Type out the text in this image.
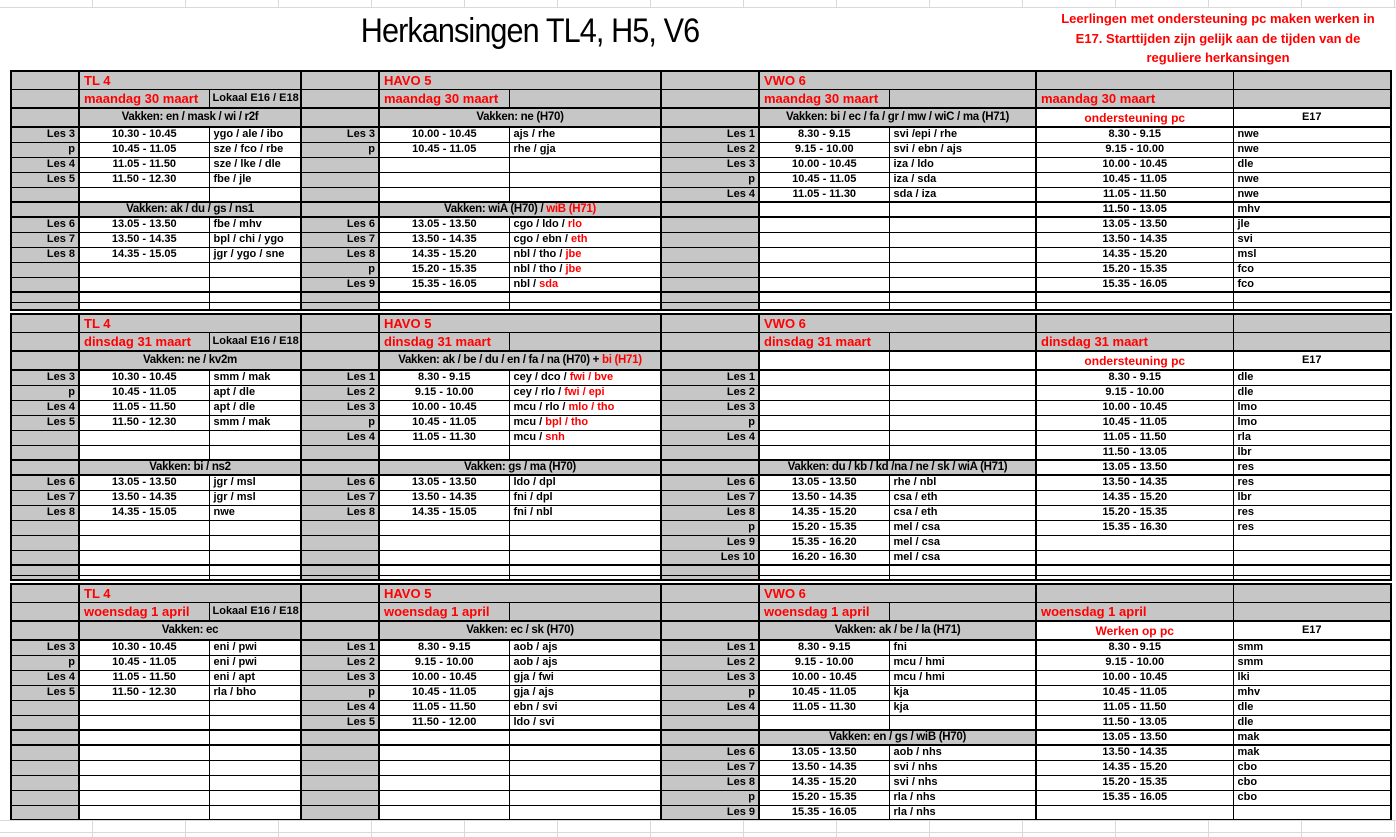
Herkansingen TL4, H5, V6	Leerlingen met ondersteuning pc maken werken in
E17. Starttijden zijn gelijk aan de tijden van de
reguliere herkansingen
	TL 4			HAVO 5			VWO 6			
	maandag 30 maart	Lokaal E16 / E18		maandag 30 maart			maandag 30 maart		maandag 30 maart	
	Vakken: en / mask / wi / r2f			Vakken: ne (H70)			Vakken: bi / ec / fa / gr / mw / wiC / ma (H71)		ondersteuning pc	E17
Les 3	10.30 - 10.45	ygo / ale / ibo	Les 3	10.00 - 10.45	ajs / rhe	Les 1	8.30 - 9.15	svi /epi / rhe	8.30 - 9.15	nwe
p	10.45 - 11.05	sze / fco / rbe	p	10.45 - 11.05	rhe / gja	Les 2	9.15 - 10.00	svi / ebn / ajs	9.15 - 10.00	nwe
Les 4	11.05 - 11.50	sze / lke / dle				Les 3	10.00 - 10.45	iza / ldo	10.00 - 10.45	dle
Les 5	11.50 - 12.30	fbe / jle				p	10.45 - 11.05	iza / sda	10.45 - 11.05	nwe
						Les 4	11.05 - 11.30	sda / iza	11.05 - 11.50	nwe
	Vakken: ak / du / gs / ns1			Vakken: wiA (H70) / wiB (H71)					11.50 - 13.05	mhv
Les 6	13.05 - 13.50	fbe / mhv	Les 6	13.05 - 13.50	cgo / ldo / rlo				13.05 - 13.50	jle
Les 7	13.50 - 14.35	bpl / chi / ygo	Les 7	13.50 - 14.35	cgo / ebn / eth				13.50 - 14.35	svi
Les 8	14.35 - 15.05	jgr / ygo / sne	Les 8	14.35 - 15.20	nbl / tho / jbe				14.35 - 15.20	msl
			p	15.20 - 15.35	nbl / tho / jbe				15.20 - 15.35	fco
			Les 9	15.35 - 16.05	nbl / sda				15.35 - 16.05	fco

	TL 4			HAVO 5			VWO 6			
	dinsdag 31 maart	Lokaal E16 / E18		dinsdag 31 maart			dinsdag 31 maart		dinsdag 31 maart	
	Vakken: ne / kv2m			Vakken: ak / be / du / en / fa / na (H70) + bi (H71)					ondersteuning pc	E17
Les 3	10.30 - 10.45	smm / mak	Les 1	8.30 - 9.15	cey / dco / fwi / bve	Les 1			8.30 - 9.15	dle
p	10.45 - 11.05	apt / dle	Les 2	9.15 - 10.00	cey / rlo / fwi / epi	Les 2			9.15 - 10.00	dle
Les 4	11.05 - 11.50	apt / dle	Les 3	10.00 - 10.45	mcu / rlo / mlo / tho	Les 3			10.00 - 10.45	lmo
Les 5	11.50 - 12.30	smm / mak	p	10.45 - 11.05	mcu / bpl / tho	p			10.45 - 11.05	lmo
			Les 4	11.05 - 11.30	mcu / snh	Les 4			11.05 - 11.50	rla
									11.50 - 13.05	lbr
	Vakken: bi / ns2			Vakken: gs / ma (H70)			Vakken: du / kb / kd /na / ne / sk / wiA (H71)		13.05 - 13.50	res
Les 6	13.05 - 13.50	jgr / msl	Les 6	13.05 - 13.50	ldo / dpl	Les 6	13.05 - 13.50	rhe / nbl	13.50 - 14.35	res
Les 7	13.50 - 14.35	jgr / msl	Les 7	13.50 - 14.35	fni / dpl	Les 7	13.50 - 14.35	csa / eth	14.35 - 15.20	lbr
Les 8	14.35 - 15.05	nwe	Les 8	14.35 - 15.05	fni / nbl	Les 8	14.35 - 15.20	csa / eth	15.20 - 15.35	res
						p	15.20 - 15.35	mel / csa	15.35 - 16.30	res
						Les 9	15.35 - 16.20	mel / csa		
						Les 10	16.20 - 16.30	mel / csa		

	TL 4			HAVO 5			VWO 6			
	woensdag 1 april	Lokaal E16 / E18		woensdag 1 april			woensdag 1 april		woensdag 1 april	
	Vakken: ec			Vakken: ec / sk (H70)			Vakken: ak / be / la (H71)		Werken op pc	E17
Les 3	10.30 - 10.45	eni / pwi	Les 1	8.30 - 9.15	aob / ajs	Les 1	8.30 - 9.15	fni	8.30 - 9.15	smm
p	10.45 - 11.05	eni / pwi	Les 2	9.15 - 10.00	aob / ajs	Les 2	9.15 - 10.00	mcu / hmi	9.15 - 10.00	smm
Les 4	11.05 - 11.50	eni / apt	Les 3	10.00 - 10.45	gja / fwi	Les 3	10.00 - 10.45	mcu / hmi	10.00 - 10.45	lki
Les 5	11.50 - 12.30	rla / bho	p	10.45 - 11.05	gja / ajs	p	10.45 - 11.05	kja	10.45 - 11.05	mhv
			Les 4	11.05 - 11.50	ebn / svi	Les 4	11.05 - 11.30	kja	11.05 - 11.50	dle
			Les 5	11.50 - 12.00	ldo / svi				11.50 - 13.05	dle
							Vakken: en / gs / wiB (H70)		13.05 - 13.50	mak
						Les 6	13.05 - 13.50	aob / nhs	13.50 - 14.35	mak
						Les 7	13.50 - 14.35	svi / nhs	14.35 - 15.20	cbo
						Les 8	14.35 - 15.20	svi / nhs	15.20 - 15.35	cbo
						p	15.20 - 15.35	rla / nhs	15.35 - 16.05	cbo
						Les 9	15.35 - 16.05	rla / nhs		
